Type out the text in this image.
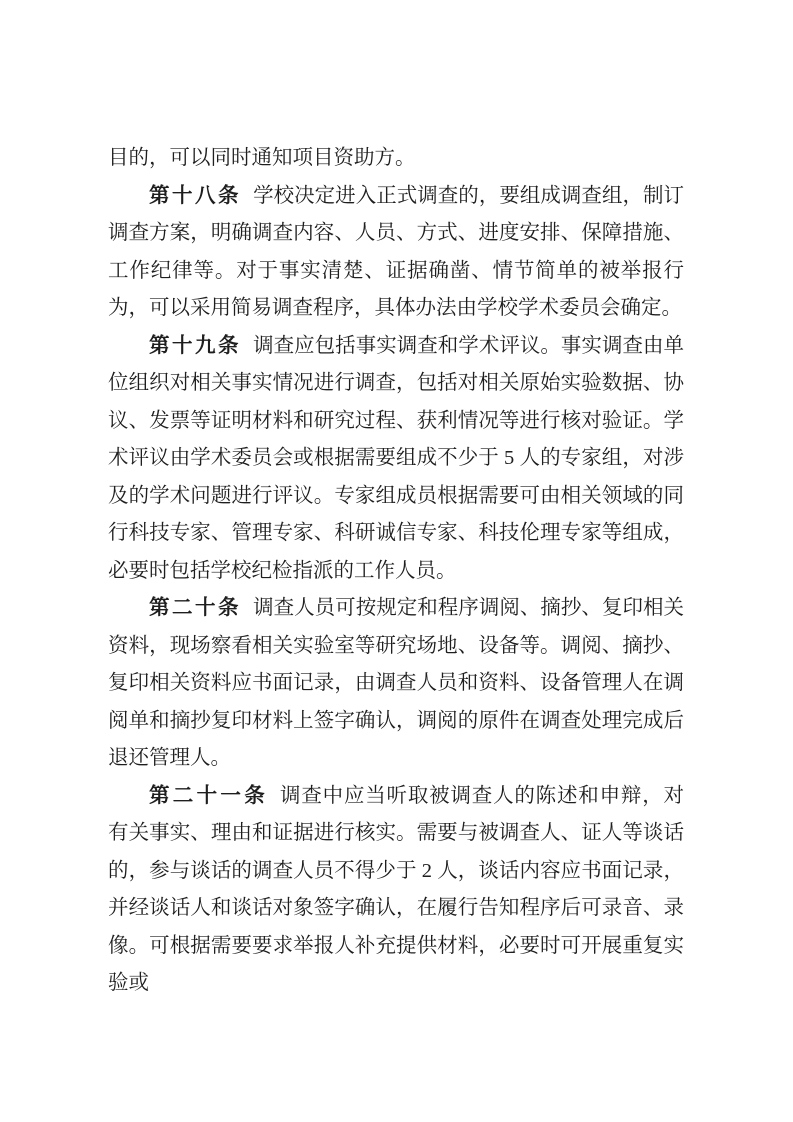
目的，可以同时通知项目资助方。

第十八条 学校决定进入正式调查的，要组成调查组，制订调查方案，明确调查内容、人员、方式、进度安排、保障措施、工作纪律等。对于事实清楚、证据确凿、情节简单的被举报行为，可以采用简易调查程序，具体办法由学校学术委员会确定。

第十九条 调查应包括事实调查和学术评议。事实调查由单位组织对相关事实情况进行调查，包括对相关原始实验数据、协议、发票等证明材料和研究过程、获利情况等进行核对验证。学术评议由学术委员会或根据需要组成不少于 5 人的专家组，对涉及的学术问题进行评议。专家组成员根据需要可由相关领域的同行科技专家、管理专家、科研诚信专家、科技伦理专家等组成，必要时包括学校纪检指派的工作人员。

第二十条 调查人员可按规定和程序调阅、摘抄、复印相关资料，现场察看相关实验室等研究场地、设备等。调阅、摘抄、复印相关资料应书面记录，由调查人员和资料、设备管理人在调阅单和摘抄复印材料上签字确认，调阅的原件在调查处理完成后退还管理人。

第二十一条 调查中应当听取被调查人的陈述和申辩，对有关事实、理由和证据进行核实。需要与被调查人、证人等谈话的，参与谈话的调查人员不得少于 2 人，谈话内容应书面记录，并经谈话人和谈话对象签字确认，在履行告知程序后可录音、录像。可根据需要要求举报人补充提供材料，必要时可开展重复实验或
